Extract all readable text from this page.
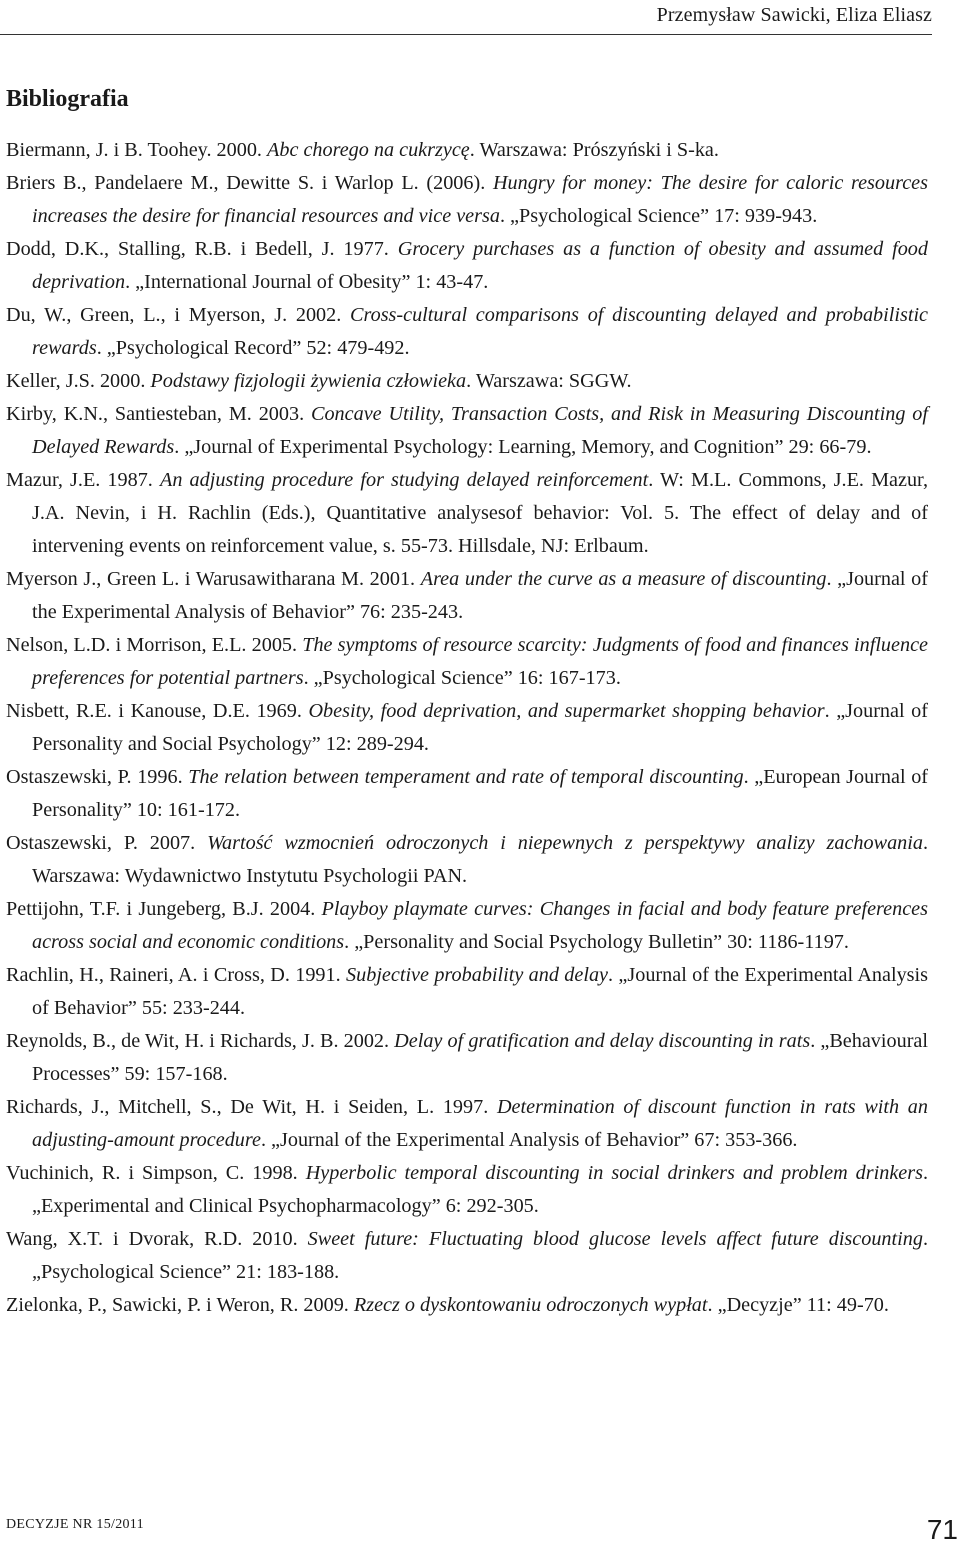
Przemysław Sawicki, Eliza Eliasz
Bibliografia
Biermann, J. i B. Toohey. 2000. Abc chorego na cukrzycę. Warszawa: Prószyński i S-ka.
Briers B., Pandelaere M., Dewitte S. i Warlop L. (2006). Hungry for money: The desire for caloric resources increases the desire for financial resources and vice versa. „Psychological Science” 17: 939-943.
Dodd, D.K., Stalling, R.B. i Bedell, J. 1977. Grocery purchases as a function of obesity and assumed food deprivation. „International Journal of Obesity” 1: 43-47.
Du, W., Green, L., i Myerson, J. 2002. Cross-cultural comparisons of discounting delayed and probabilistic rewards. „Psychological Record” 52: 479-492.
Keller, J.S. 2000. Podstawy fizjologii żywienia człowieka. Warszawa: SGGW.
Kirby, K.N., Santiesteban, M. 2003. Concave Utility, Transaction Costs, and Risk in Measuring Discounting of Delayed Rewards. „Journal of Experimental Psychology: Learning, Memory, and Cognition” 29: 66-79.
Mazur, J.E. 1987. An adjusting procedure for studying delayed reinforcement. W: M.L. Commons, J.E. Mazur, J.A. Nevin, i H. Rachlin (Eds.), Quantitative analysesof behavior: Vol. 5. The effect of delay and of intervening events on reinforcement value, s. 55-73. Hillsdale, NJ: Erlbaum.
Myerson J., Green L. i Warusawitharana M. 2001. Area under the curve as a measure of discounting. „Journal of the Experimental Analysis of Behavior” 76: 235-243.
Nelson, L.D. i Morrison, E.L. 2005. The symptoms of resource scarcity: Judgments of food and finances influence preferences for potential partners. „Psychological Science” 16: 167-173.
Nisbett, R.E. i Kanouse, D.E. 1969. Obesity, food deprivation, and supermarket shopping behavior. „Journal of Personality and Social Psychology” 12: 289-294.
Ostaszewski, P. 1996. The relation between temperament and rate of temporal discounting. „European Journal of Personality” 10: 161-172.
Ostaszewski, P. 2007. Wartość wzmocnień odroczonych i niepewnych z perspektywy analizy zachowania. Warszawa: Wydawnictwo Instytutu Psychologii PAN.
Pettijohn, T.F. i Jungeberg, B.J. 2004. Playboy playmate curves: Changes in facial and body feature preferences across social and economic conditions. „Personality and Social Psychology Bulletin” 30: 1186-1197.
Rachlin, H., Raineri, A. i Cross, D. 1991. Subjective probability and delay. „Journal of the Experimental Analysis of Behavior” 55: 233-244.
Reynolds, B., de Wit, H. i Richards, J. B. 2002. Delay of gratification and delay discounting in rats. „Behavioural Processes” 59: 157-168.
Richards, J., Mitchell, S., De Wit, H. i Seiden, L. 1997. Determination of discount function in rats with an adjusting-amount procedure. „Journal of the Experimental Analysis of Behavior” 67: 353-366.
Vuchinich, R. i Simpson, C. 1998. Hyperbolic temporal discounting in social drinkers and problem drinkers. „Experimental and Clinical Psychopharmacology” 6: 292-305.
Wang, X.T. i Dvorak, R.D. 2010. Sweet future: Fluctuating blood glucose levels affect future discounting. „Psychological Science” 21: 183-188.
Zielonka, P., Sawicki, P. i Weron, R. 2009. Rzecz o dyskontowaniu odroczonych wypłat. „Decyzje” 11: 49-70.
DECYZJE NR 15/2011	71
